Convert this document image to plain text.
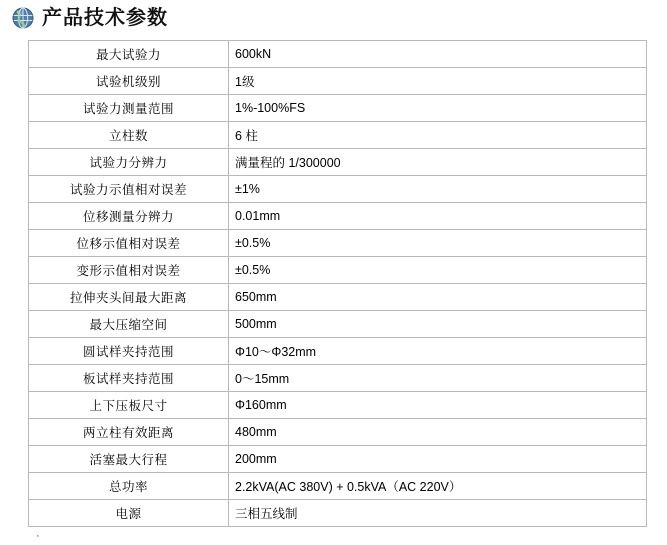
产品技术参数
最大试验力	600kN
试验机级别	1级
试验力测量范围	1%-100%FS
立柱数	6 柱
试验力分辨力	满量程的 1/300000
试验力示值相对误差	±1%
位移测量分辨力	0.01mm
位移示值相对误差	±0.5%
变形示值相对误差	±0.5%
拉伸夹头间最大距离	650mm
最大压缩空间	500mm
圆试样夹持范围	Φ10～Φ32mm
板试样夹持范围	0～15mm
上下压板尺寸	Φ160mm
两立柱有效距离	480mm
活塞最大行程	200mm
总功率	2.2kVA(AC 380V) + 0.5kVA（AC 220V）
电源	三相五线制
·
